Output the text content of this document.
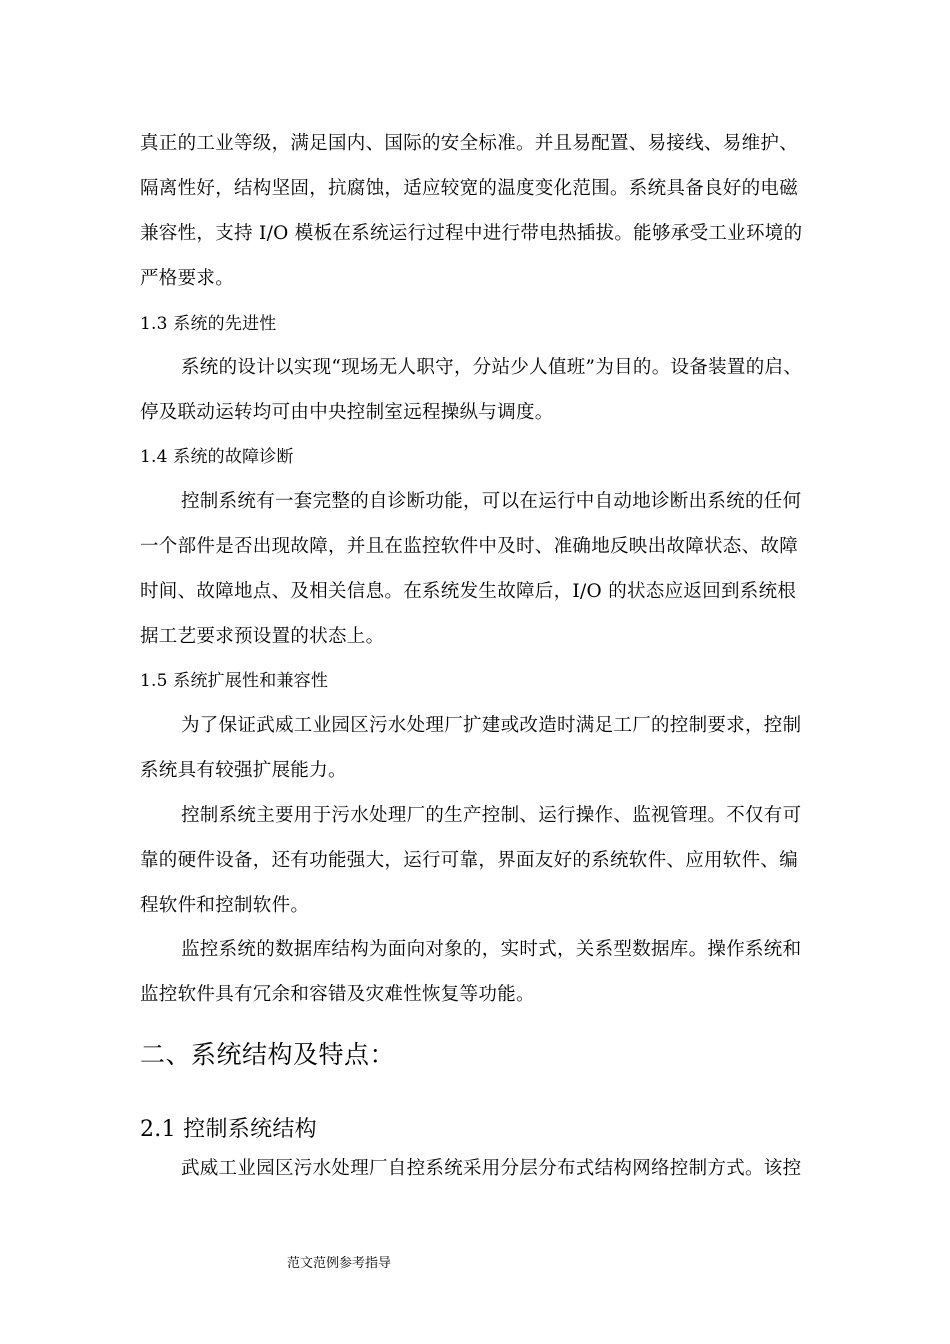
真正的工业等级，满足国内、国际的安全标准。并且易配置、易接线、易维护、
隔离性好，结构坚固，抗腐蚀，适应较宽的温度变化范围。系统具备良好的电磁
兼容性，支持 I/O 模板在系统运行过程中进行带电热插拔。能够承受工业环境的
严格要求。
1.3 系统的先进性
系统的设计以实现“现场无人职守，分站少人值班”为目的。设备装置的启、
停及联动运转均可由中央控制室远程操纵与调度。
1.4 系统的故障诊断
控制系统有一套完整的自诊断功能，可以在运行中自动地诊断出系统的任何
一个部件是否出现故障，并且在监控软件中及时、准确地反映出故障状态、故障
时间、故障地点、及相关信息。在系统发生故障后，I/O 的状态应返回到系统根
据工艺要求预设置的状态上。
1.5 系统扩展性和兼容性
为了保证武威工业园区污水处理厂扩建或改造时满足工厂的控制要求，控制
系统具有较强扩展能力。
控制系统主要用于污水处理厂的生产控制、运行操作、监视管理。不仅有可
靠的硬件设备，还有功能强大，运行可靠，界面友好的系统软件、应用软件、编
程软件和控制软件。
监控系统的数据库结构为面向对象的，实时式，关系型数据库。操作系统和
监控软件具有冗余和容错及灾难性恢复等功能。
二、系统结构及特点：
2.1 控制系统结构
武威工业园区污水处理厂自控系统采用分层分布式结构网络控制方式。该控
范文范例参考指导
